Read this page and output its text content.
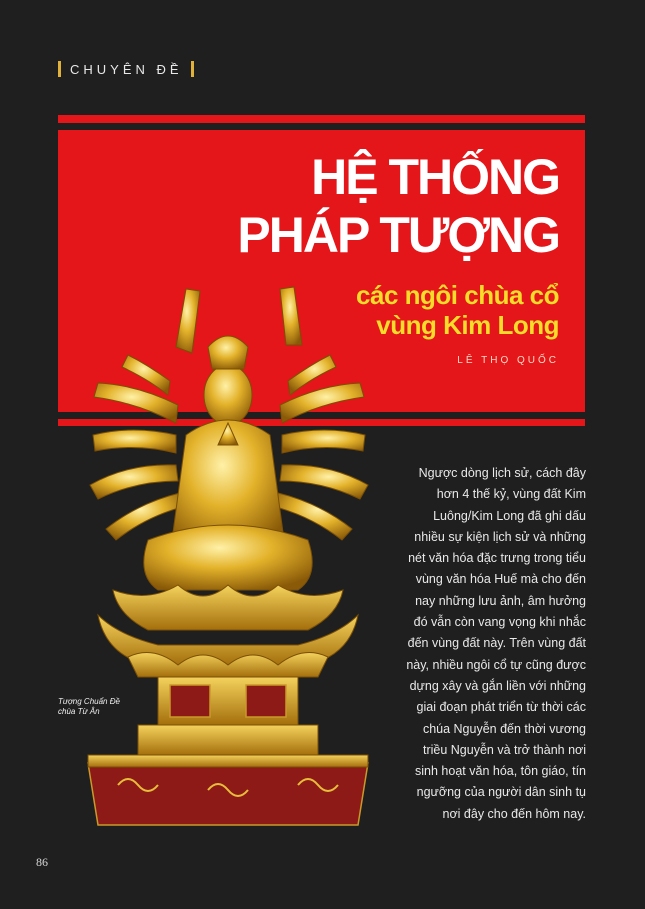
CHUYÊN ĐỀ
HỆ THỐNG
PHÁP TƯỢNG
các ngôi chùa cổ
vùng Kim Long
LÊ THỌ QUỐC
Tượng Chuẩn Đề chùa Từ Ân

Ngược dòng lịch sử, cách đây hơn 4 thế kỷ, vùng đất Kim Luông/Kim Long đã ghi dấu nhiều sự kiện lịch sử và những nét văn hóa đặc trưng trong tiểu vùng văn hóa Huế mà cho đến nay những lưu ảnh, âm hưởng đó vẫn còn vang vọng khi nhắc đến vùng đất này. Trên vùng đất này, nhiều ngôi cổ tự cũng được dựng xây và gắn liền với những giai đoạn phát triển từ thời các chúa Nguyễn đến thời vương triều Nguyễn và trở thành nơi sinh hoạt văn hóa, tôn giáo, tín ngưỡng của người dân sinh tụ nơi đây cho đến hôm nay.

86
